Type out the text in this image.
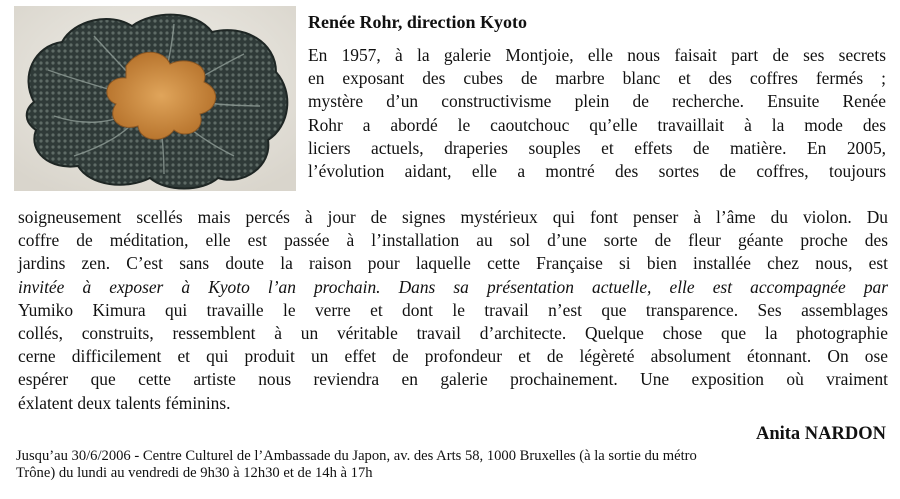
Renée Rohr, direction Kyoto
En 1957, à la galerie Montjoie, elle nous faisait part de ses secrets
en exposant des cubes de marbre blanc et des coffres fermés ;
mystère d’un constructivisme plein de recherche. Ensuite Renée
Rohr a abordé le caoutchouc qu’elle travaillait à la mode des
liciers actuels, draperies souples et effets de matière. En 2005,
l’évolution aidant, elle a montré des sortes de coffres, toujours
soigneusement scellés mais percés à jour de signes mystérieux qui font penser à l’âme du violon. Du
coffre de méditation, elle est passée à l’installation au sol d’une sorte de fleur géante proche des
jardins zen. C’est sans doute la raison pour laquelle cette Française si bien installée chez nous, est
invitée à exposer à Kyoto l’an prochain. Dans sa présentation actuelle, elle est accompagnée par
Yumiko Kimura qui travaille le verre et dont le travail n’est que transparence. Ses assemblages
collés, construits, ressemblent à un véritable travail d’architecte. Quelque chose que la photographie
cerne difficilement et qui produit un effet de profondeur et de légèreté absolument étonnant. On ose
espérer que cette artiste nous reviendra en galerie prochainement. Une exposition où vraiment
éxlatent deux talents féminins.
Anita NARDON
Jusqu’au 30/6/2006 - Centre Culturel de l’Ambassade du Japon, av. des Arts 58, 1000 Bruxelles (à la sortie du métro
Trône) du lundi au vendredi de 9h30 à 12h30 et de 14h à 17h
